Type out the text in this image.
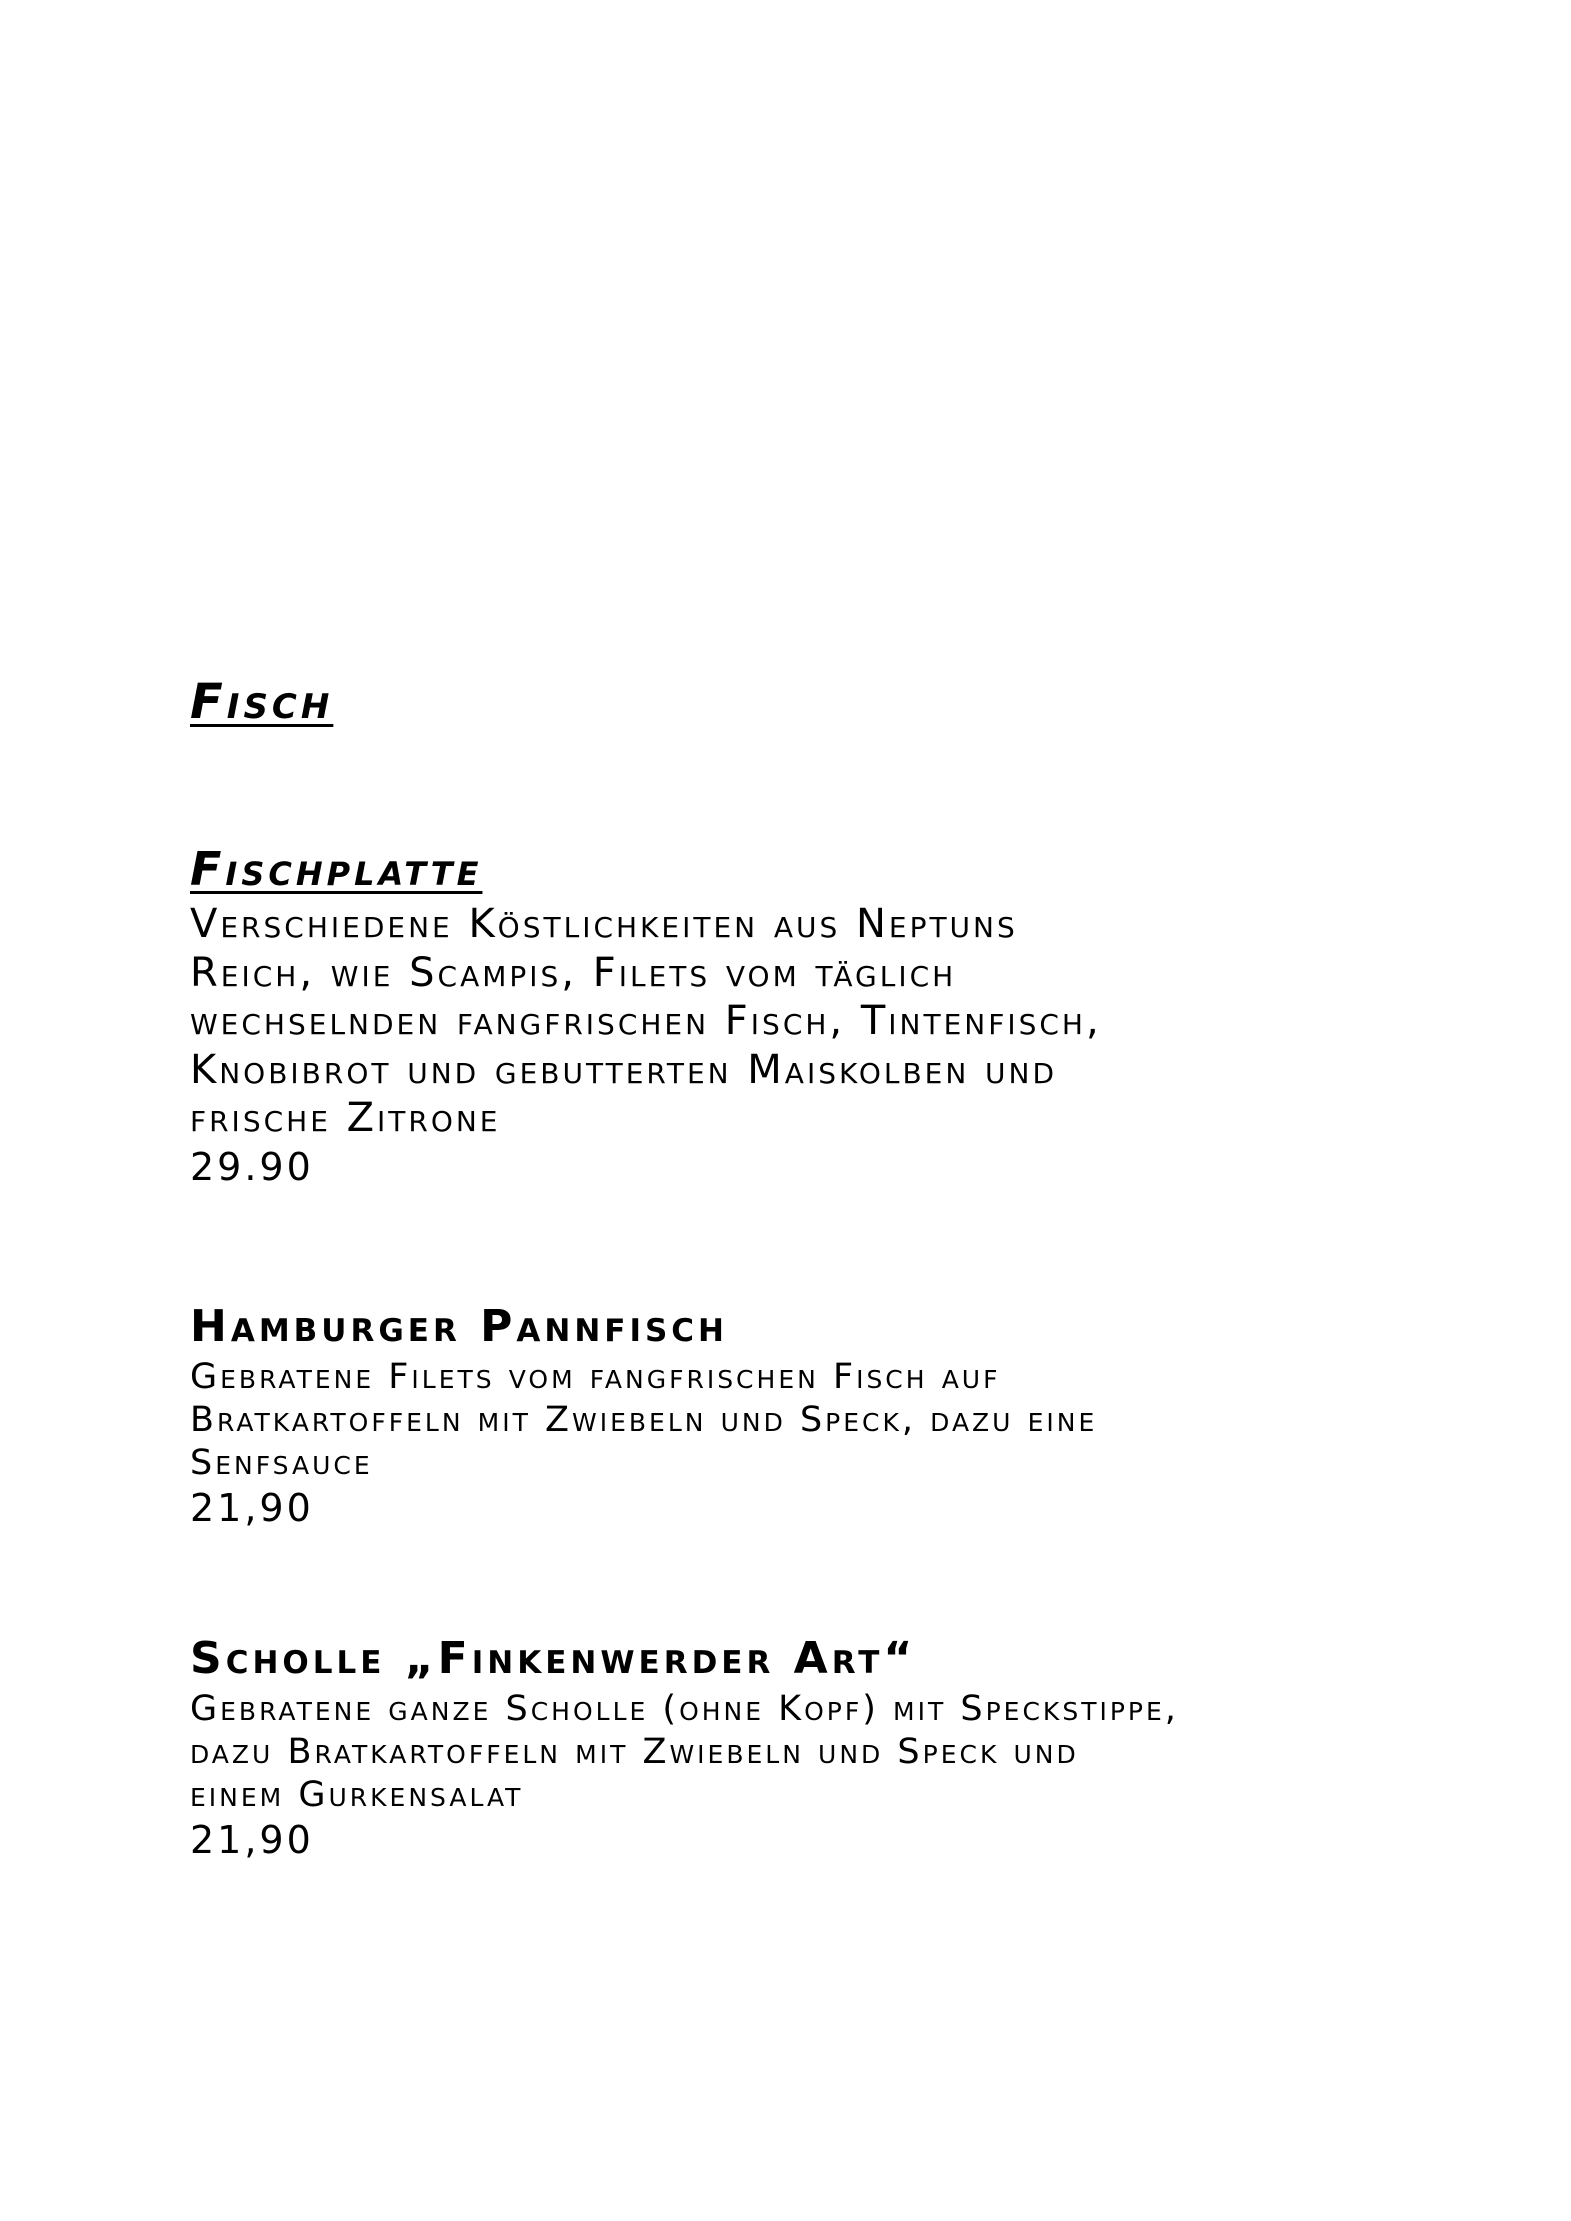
Fisch
Fischplatte
Verschiedene Köstlichkeiten aus Neptuns
Reich, wie Scampis, Filets vom täglich
wechselnden fangfrischen Fisch, Tintenfisch,
Knobibrot und gebutterten Maiskolben und
frische Zitrone
29.90
Hamburger Pannfisch
Gebratene Filets vom fangfrischen Fisch auf
Bratkartoffeln mit Zwiebeln und Speck, dazu eine
Senfsauce
21,90
Scholle „Finkenwerder Art“
Gebratene ganze Scholle (ohne Kopf) mit Speckstippe,
dazu Bratkartoffeln mit Zwiebeln und Speck und
einem Gurkensalat
21,90
